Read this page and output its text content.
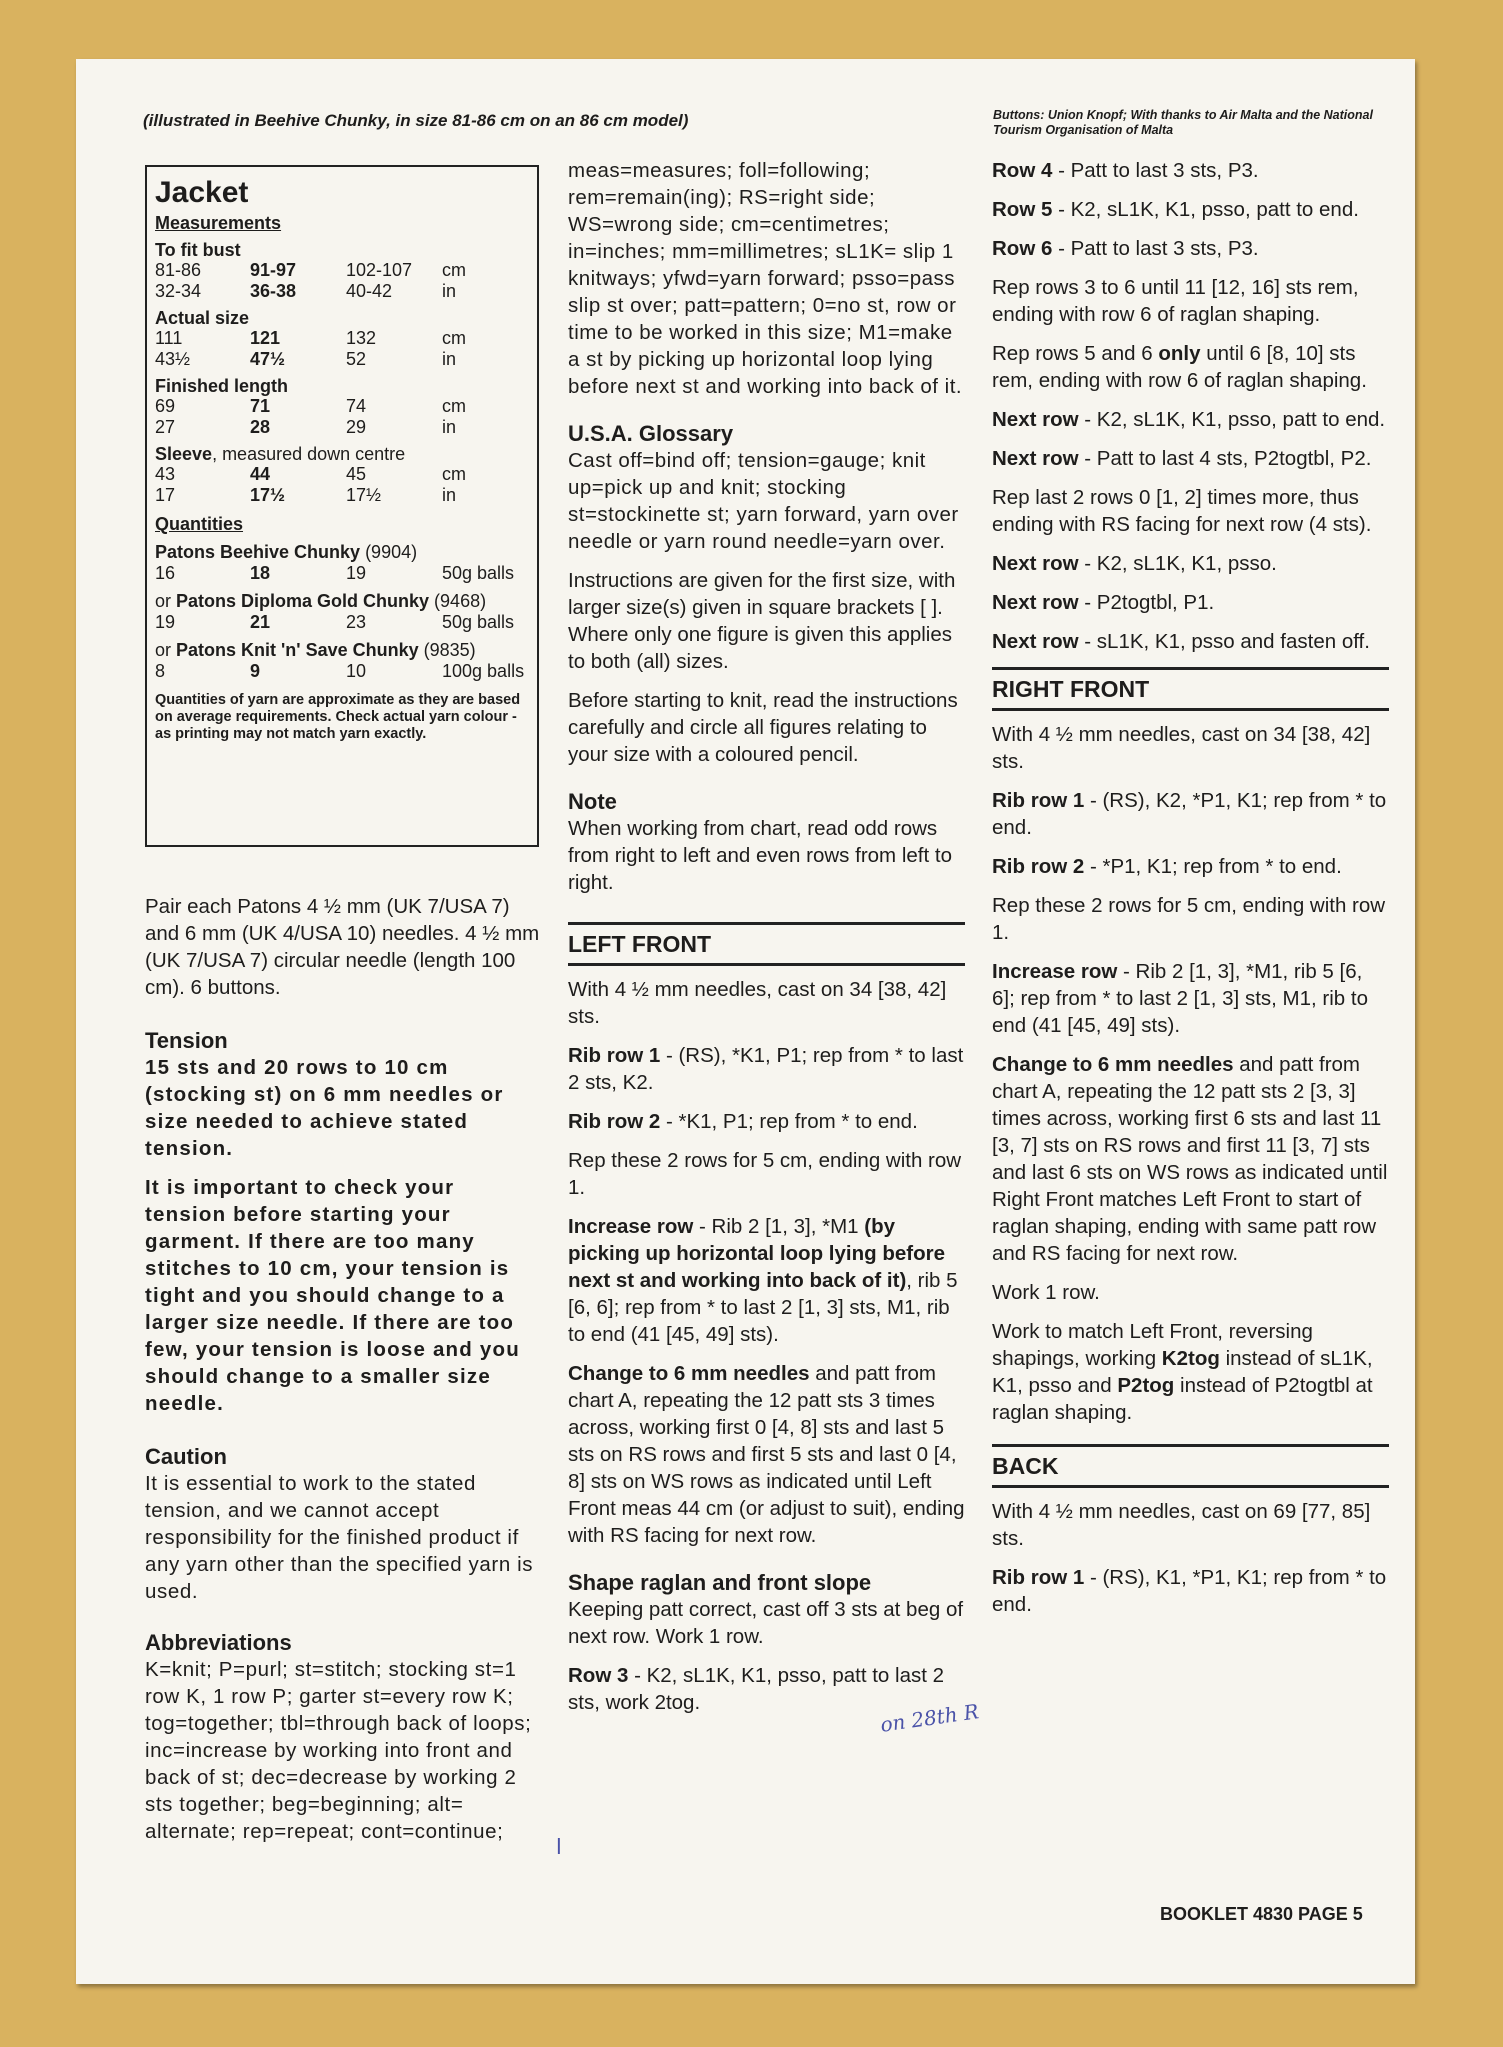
(illustrated in Beehive Chunky, in size 81-86 cm on an 86 cm model)	Buttons: Union Knopf; With thanks to Air Malta and the National Tourism Organisation of Malta
Jacket
Measurements
To fit bust
81-86	91-97	102-107	cm
32-34	36-38	40-42	in
Actual size
111	121	132	cm
43½	47½	52	in
Finished length
69	71	74	cm
27	28	29	in
Sleeve, measured down centre
43	44	45	cm
17	17½	17½	in
Quantities
Patons Beehive Chunky (9904)
16	18	19	50g balls
or Patons Diploma Gold Chunky (9468)
19	21	23	50g balls
or Patons Knit 'n' Save Chunky (9835)
8	9	10	100g balls
Quantities of yarn are approximate as they are based on average requirements. Check actual yarn colour - as printing may not match yarn exactly.

Pair each Patons 4 ½ mm (UK 7/USA 7) and 6 mm (UK 4/USA 10) needles. 4 ½ mm (UK 7/USA 7) circular needle (length 100 cm). 6 buttons.

Tension

15 sts and 20 rows to 10 cm (stocking st) on 6 mm needles or size needed to achieve stated tension.

It is important to check your tension before starting your garment. If there are too many stitches to 10 cm, your tension is tight and you should change to a larger size needle. If there are too few, your tension is loose and you should change to a smaller size needle.

Caution

It is essential to work to the stated tension, and we cannot accept responsibility for the finished product if any yarn other than the specified yarn is used.

Abbreviations

K=knit; P=purl; st=stitch; stocking st=1 row K, 1 row P; garter st=every row K; tog=together; tbl=through back of loops; inc=increase by working into front and back of st; dec=decrease by working 2 sts together; beg=beginning; alt= alternate; rep=repeat; cont=continue;

meas=measures; foll=following; rem=remain(ing); RS=right side; WS=wrong side; cm=centimetres; in=inches; mm=millimetres; sL1K= slip 1 knitways; yfwd=yarn forward; psso=pass slip st over; patt=pattern; 0=no st, row or time to be worked in this size; M1=make a st by picking up horizontal loop lying before next st and working into back of it.

U.S.A. Glossary

Cast off=bind off; tension=gauge; knit up=pick up and knit; stocking st=stockinette st; yarn forward, yarn over needle or yarn round needle=yarn over.

Instructions are given for the first size, with larger size(s) given in square brackets [ ]. Where only one figure is given this applies to both (all) sizes.

Before starting to knit, read the instructions carefully and circle all figures relating to your size with a coloured pencil.

Note

When working from chart, read odd rows from right to left and even rows from left to right.

LEFT FRONT

With 4 ½ mm needles, cast on 34 [38, 42] sts.

Rib row 1 - (RS), *K1, P1; rep from * to last 2 sts, K2.

Rib row 2 - *K1, P1; rep from * to end.

Rep these 2 rows for 5 cm, ending with row 1.

Increase row - Rib 2 [1, 3], *M1 (by picking up horizontal loop lying before next st and working into back of it), rib 5 [6, 6]; rep from * to last 2 [1, 3] sts, M1, rib to end (41 [45, 49] sts).

Change to 6 mm needles and patt from chart A, repeating the 12 patt sts 3 times across, working first 0 [4, 8] sts and last 5 sts on RS rows and first 5 sts and last 0 [4, 8] sts on WS rows as indicated until Left Front meas 44 cm (or adjust to suit), ending with RS facing for next row.

Shape raglan and front slope

Keeping patt correct, cast off 3 sts at beg of next row. Work 1 row.

Row 3 - K2, sL1K, K1, psso, patt to last 2 sts, work 2tog.

Row 4 - Patt to last 3 sts, P3.

Row 5 - K2, sL1K, K1, psso, patt to end.

Row 6 - Patt to last 3 sts, P3.

Rep rows 3 to 6 until 11 [12, 16] sts rem, ending with row 6 of raglan shaping.

Rep rows 5 and 6 only until 6 [8, 10] sts rem, ending with row 6 of raglan shaping.

Next row - K2, sL1K, K1, psso, patt to end.

Next row - Patt to last 4 sts, P2togtbl, P2.

Rep last 2 rows 0 [1, 2] times more, thus ending with RS facing for next row (4 sts).

Next row - K2, sL1K, K1, psso.

Next row - P2togtbl, P1.

Next row - sL1K, K1, psso and fasten off.

RIGHT FRONT

With 4 ½ mm needles, cast on 34 [38, 42] sts.

Rib row 1 - (RS), K2, *P1, K1; rep from * to end.

Rib row 2 - *P1, K1; rep from * to end.

Rep these 2 rows for 5 cm, ending with row 1.

Increase row - Rib 2 [1, 3], *M1, rib 5 [6, 6]; rep from * to last 2 [1, 3] sts, M1, rib to end (41 [45, 49] sts).

Change to 6 mm needles and patt from chart A, repeating the 12 patt sts 2 [3, 3] times across, working first 6 sts and last 11 [3, 7] sts on RS rows and first 11 [3, 7] sts and last 6 sts on WS rows as indicated until Right Front matches Left Front to start of raglan shaping, ending with same patt row and RS facing for next row.

Work 1 row.

Work to match Left Front, reversing shapings, working K2tog instead of sL1K, K1, psso and P2tog instead of P2togtbl at raglan shaping.

BACK

With 4 ½ mm needles, cast on 69 [77, 85] sts.

Rib row 1 - (RS), K1, *P1, K1; rep from * to end.

on 28th R
ǀ
BOOKLET 4830 PAGE 5
